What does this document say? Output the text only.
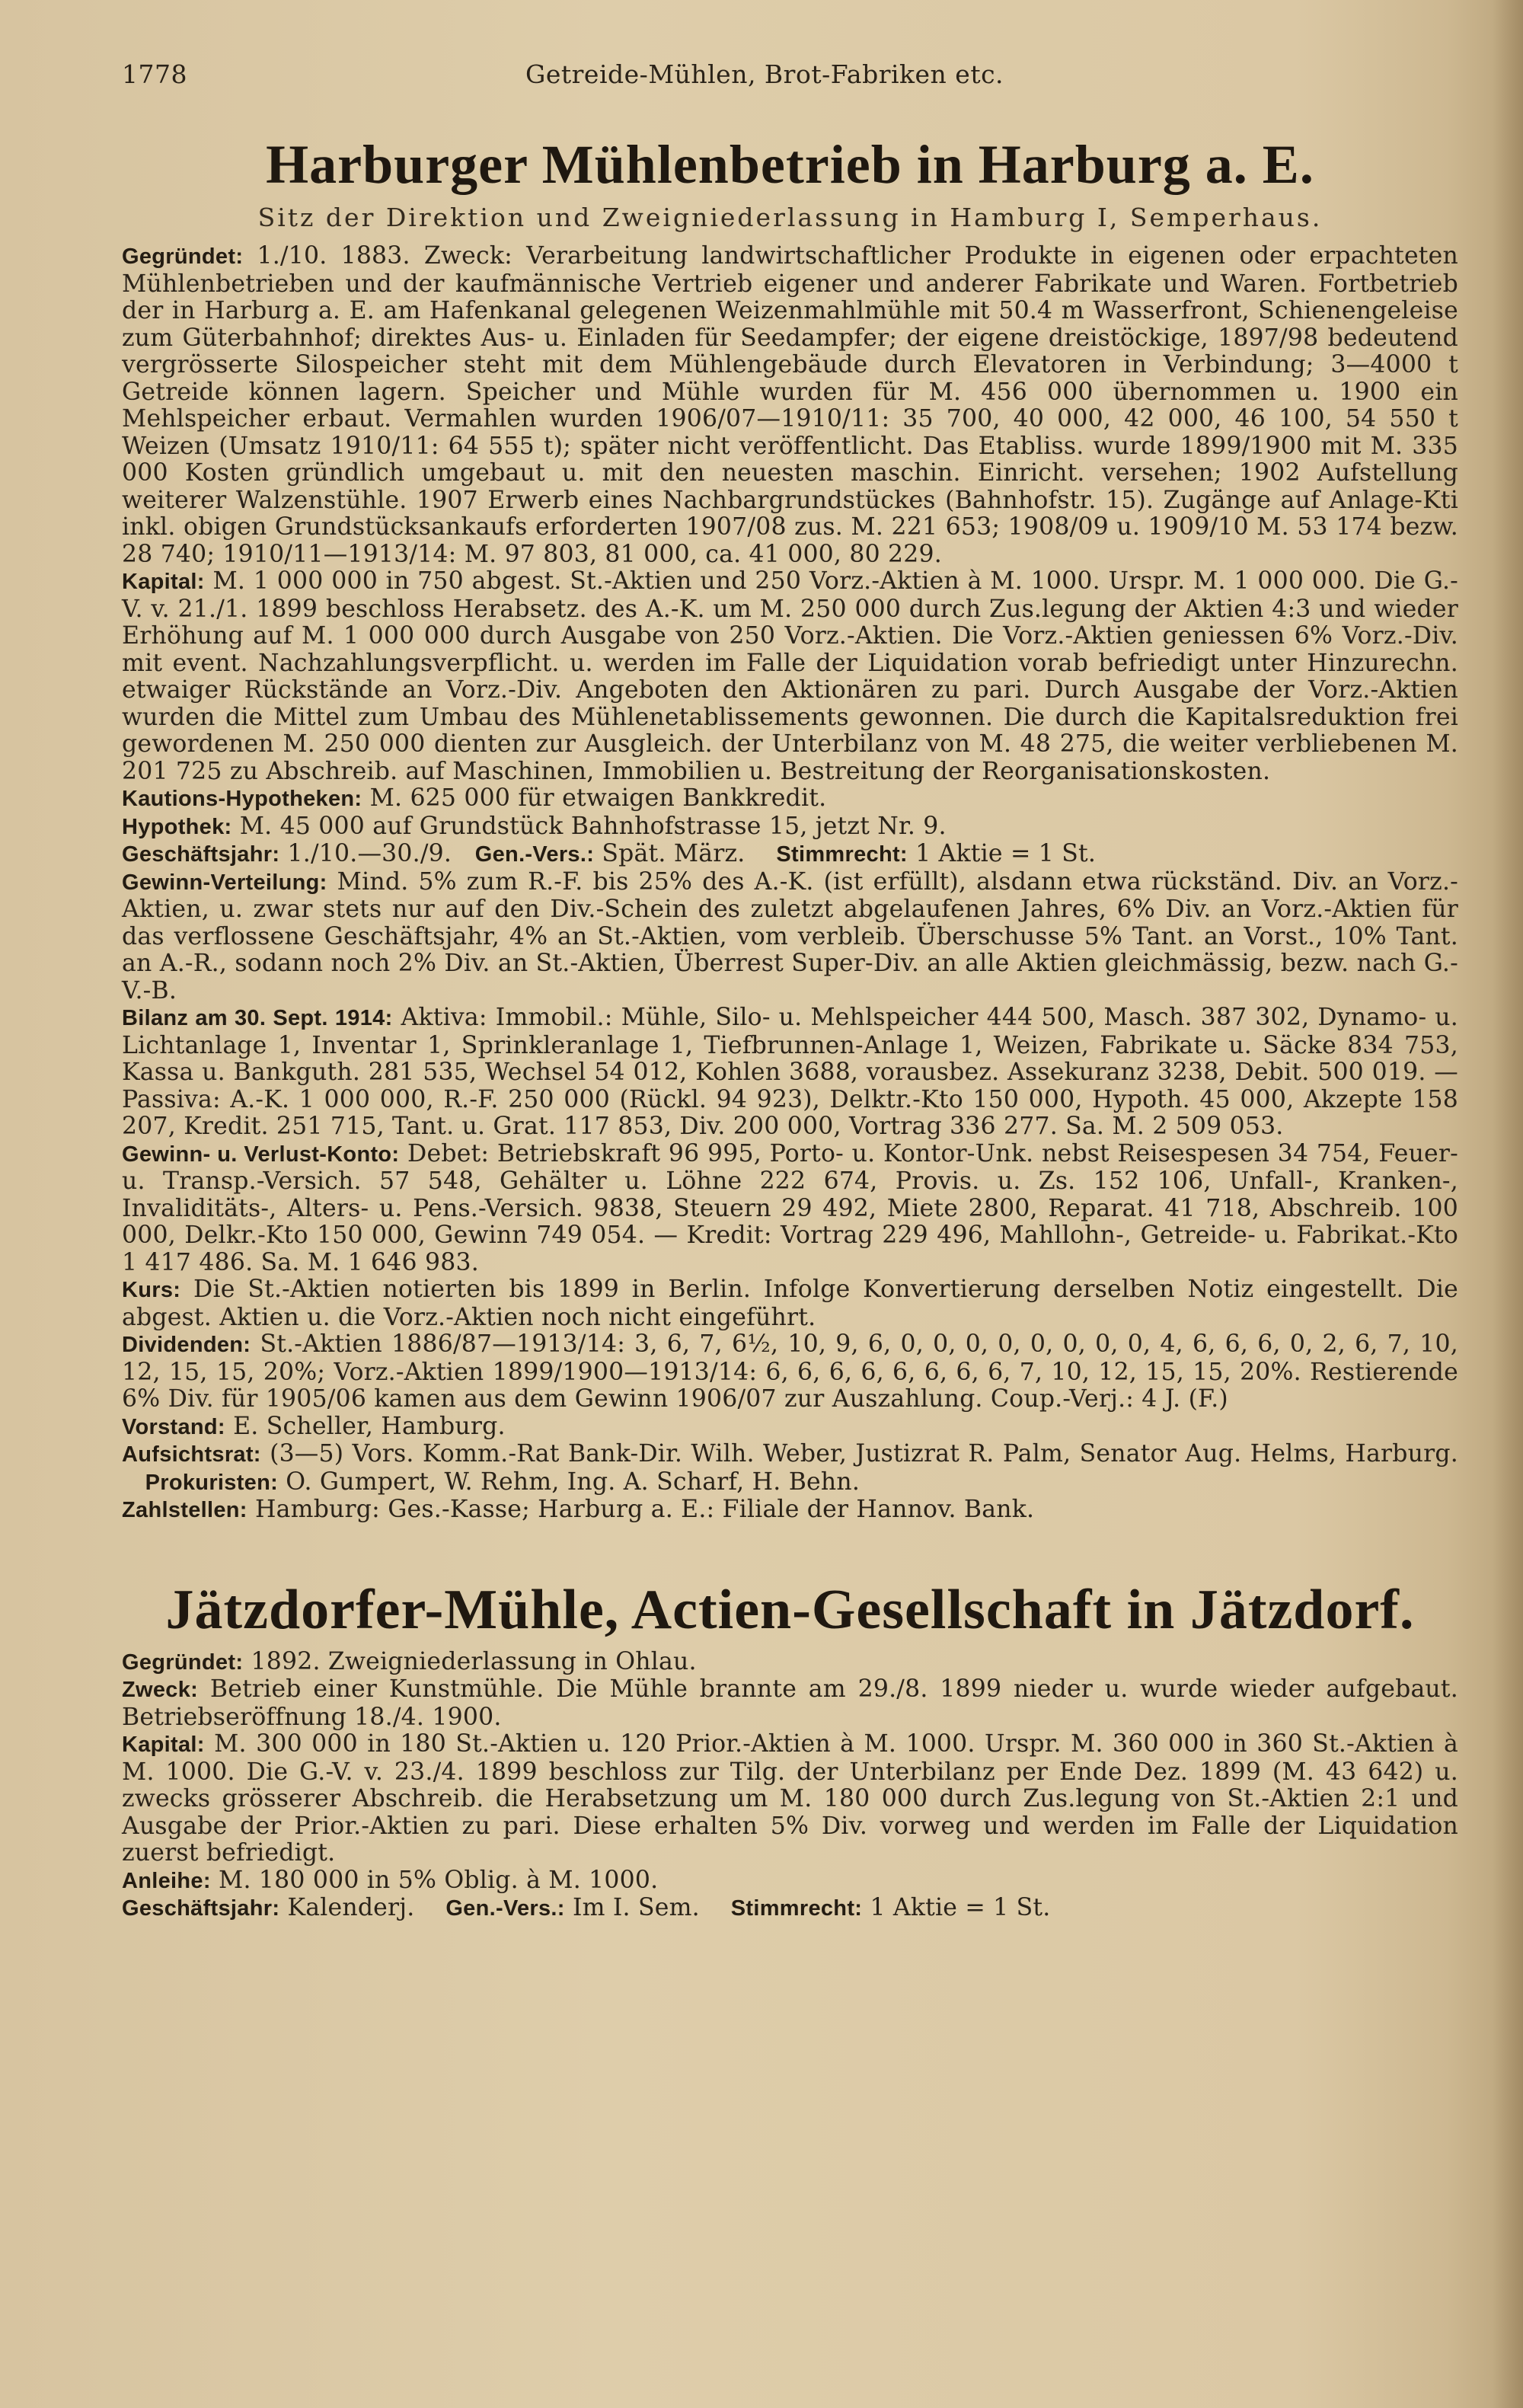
1778	Getreide-Mühlen, Brot-Fabriken etc.
Harburger Mühlenbetrieb in Harburg a. E.
Sitz der Direktion und Zweigniederlassung in Hamburg I, Semperhaus.

Gegründet: 1./10. 1883. Zweck: Verarbeitung landwirtschaftlicher Produkte in eigenen oder erpachteten Mühlenbetrieben und der kaufmännische Vertrieb eigener und anderer Fabrikate und Waren. Fortbetrieb der in Harburg a. E. am Hafenkanal gelegenen Weizenmahlmühle mit 50.4 m Wasserfront, Schienengeleise zum Güterbahnhof; direktes Aus- u. Einladen für Seedampfer; der eigene dreistöckige, 1897/98 bedeutend vergrösserte Silospeicher steht mit dem Mühlengebäude durch Elevatoren in Verbindung; 3—4000 t Getreide können lagern. Speicher und Mühle wurden für M. 456 000 übernommen u. 1900 ein Mehlspeicher erbaut. Vermahlen wurden 1906/07—1910/11: 35 700, 40 000, 42 000, 46 100, 54 550 t Weizen (Umsatz 1910/11: 64 555 t); später nicht veröffentlicht. Das Etabliss. wurde 1899/1900 mit M. 335 000 Kosten gründlich umgebaut u. mit den neuesten maschin. Einricht. versehen; 1902 Aufstellung weiterer Walzenstühle. 1907 Erwerb eines Nachbargrundstückes (Bahnhofstr. 15). Zugänge auf Anlage-Kti inkl. obigen Grundstücksankaufs erforderten 1907/08 zus. M. 221 653; 1908/09 u. 1909/10 M. 53 174 bezw. 28 740; 1910/11—1913/14: M. 97 803, 81 000, ca. 41 000, 80 229.

Kapital: M. 1 000 000 in 750 abgest. St.-Aktien und 250 Vorz.-Aktien à M. 1000. Urspr. M. 1 000 000. Die G.-V. v. 21./1. 1899 beschloss Herabsetz. des A.-K. um M. 250 000 durch Zus.legung der Aktien 4:3 und wieder Erhöhung auf M. 1 000 000 durch Ausgabe von 250 Vorz.-Aktien. Die Vorz.-Aktien geniessen 6% Vorz.-Div. mit event. Nachzahlungsverpflicht. u. werden im Falle der Liquidation vorab befriedigt unter Hinzurechn. etwaiger Rückstände an Vorz.-Div. Angeboten den Aktionären zu pari. Durch Ausgabe der Vorz.-Aktien wurden die Mittel zum Umbau des Mühlenetablissements gewonnen. Die durch die Kapitalsreduktion frei gewordenen M. 250 000 dienten zur Ausgleich. der Unterbilanz von M. 48 275, die weiter verbliebenen M. 201 725 zu Abschreib. auf Maschinen, Immobilien u. Bestreitung der Reorganisationskosten.

Kautions-Hypotheken: M. 625 000 für etwaigen Bankkredit.

Hypothek: M. 45 000 auf Grundstück Bahnhofstrasse 15, jetzt Nr. 9.

Geschäftsjahr: 1./10.—30./9. Gen.-Vers.: Spät. März. Stimmrecht: 1 Aktie = 1 St.

Gewinn-Verteilung: Mind. 5% zum R.-F. bis 25% des A.-K. (ist erfüllt), alsdann etwa rückständ. Div. an Vorz.-Aktien, u. zwar stets nur auf den Div.-Schein des zuletzt abgelaufenen Jahres, 6% Div. an Vorz.-Aktien für das verflossene Geschäftsjahr, 4% an St.-Aktien, vom verbleib. Überschusse 5% Tant. an Vorst., 10% Tant. an A.-R., sodann noch 2% Div. an St.-Aktien, Überrest Super-Div. an alle Aktien gleichmässig, bezw. nach G.-V.-B.

Bilanz am 30. Sept. 1914: Aktiva: Immobil.: Mühle, Silo- u. Mehlspeicher 444 500, Masch. 387 302, Dynamo- u. Lichtanlage 1, Inventar 1, Sprinkleranlage 1, Tiefbrunnen-Anlage 1, Weizen, Fabrikate u. Säcke 834 753, Kassa u. Bankguth. 281 535, Wechsel 54 012, Kohlen 3688, vorausbez. Assekuranz 3238, Debit. 500 019. — Passiva: A.-K. 1 000 000, R.-F. 250 000 (Rückl. 94 923), Delktr.-Kto 150 000, Hypoth. 45 000, Akzepte 158 207, Kredit. 251 715, Tant. u. Grat. 117 853, Div. 200 000, Vortrag 336 277. Sa. M. 2 509 053.

Gewinn- u. Verlust-Konto: Debet: Betriebskraft 96 995, Porto- u. Kontor-Unk. nebst Reisespesen 34 754, Feuer- u. Transp.-Versich. 57 548, Gehälter u. Löhne 222 674, Provis. u. Zs. 152 106, Unfall-, Kranken-, Invaliditäts-, Alters- u. Pens.-Versich. 9838, Steuern 29 492, Miete 2800, Reparat. 41 718, Abschreib. 100 000, Delkr.-Kto 150 000, Gewinn 749 054. — Kredit: Vortrag 229 496, Mahllohn-, Getreide- u. Fabrikat.-Kto 1 417 486. Sa. M. 1 646 983.

Kurs: Die St.-Aktien notierten bis 1899 in Berlin. Infolge Konvertierung derselben Notiz eingestellt. Die abgest. Aktien u. die Vorz.-Aktien noch nicht eingeführt.

Dividenden: St.-Aktien 1886/87—1913/14: 3, 6, 7, 6½, 10, 9, 6, 0, 0, 0, 0, 0, 0, 0, 0, 4, 6, 6, 6, 0, 2, 6, 7, 10, 12, 15, 15, 20%; Vorz.-Aktien 1899/1900—1913/14: 6, 6, 6, 6, 6, 6, 6, 6, 7, 10, 12, 15, 15, 20%. Restierende 6% Div. für 1905/06 kamen aus dem Gewinn 1906/07 zur Auszahlung. Coup.-Verj.: 4 J. (F.)

Vorstand: E. Scheller, Hamburg.

Aufsichtsrat: (3—5) Vors. Komm.-Rat Bank-Dir. Wilh. Weber, Justizrat R. Palm, Senator Aug. Helms, Harburg.    Prokuristen: O. Gumpert, W. Rehm, Ing. A. Scharf, H. Behn.

Zahlstellen: Hamburg: Ges.-Kasse; Harburg a. E.: Filiale der Hannov. Bank.

Jätzdorfer-Mühle, Actien-Gesellschaft in Jätzdorf.

Gegründet: 1892. Zweigniederlassung in Ohlau.

Zweck: Betrieb einer Kunstmühle. Die Mühle brannte am 29./8. 1899 nieder u. wurde wieder aufgebaut. Betriebseröffnung 18./4. 1900.

Kapital: M. 300 000 in 180 St.-Aktien u. 120 Prior.-Aktien à M. 1000. Urspr. M. 360 000 in 360 St.-Aktien à M. 1000. Die G.-V. v. 23./4. 1899 beschloss zur Tilg. der Unterbilanz per Ende Dez. 1899 (M. 43 642) u. zwecks grösserer Abschreib. die Herabsetzung um M. 180 000 durch Zus.legung von St.-Aktien 2:1 und Ausgabe der Prior.-Aktien zu pari. Diese erhalten 5% Div. vorweg und werden im Falle der Liquidation zuerst befriedigt.

Anleihe: M. 180 000 in 5% Oblig. à M. 1000.

Geschäftsjahr: Kalenderj. Gen.-Vers.: Im I. Sem. Stimmrecht: 1 Aktie = 1 St.
